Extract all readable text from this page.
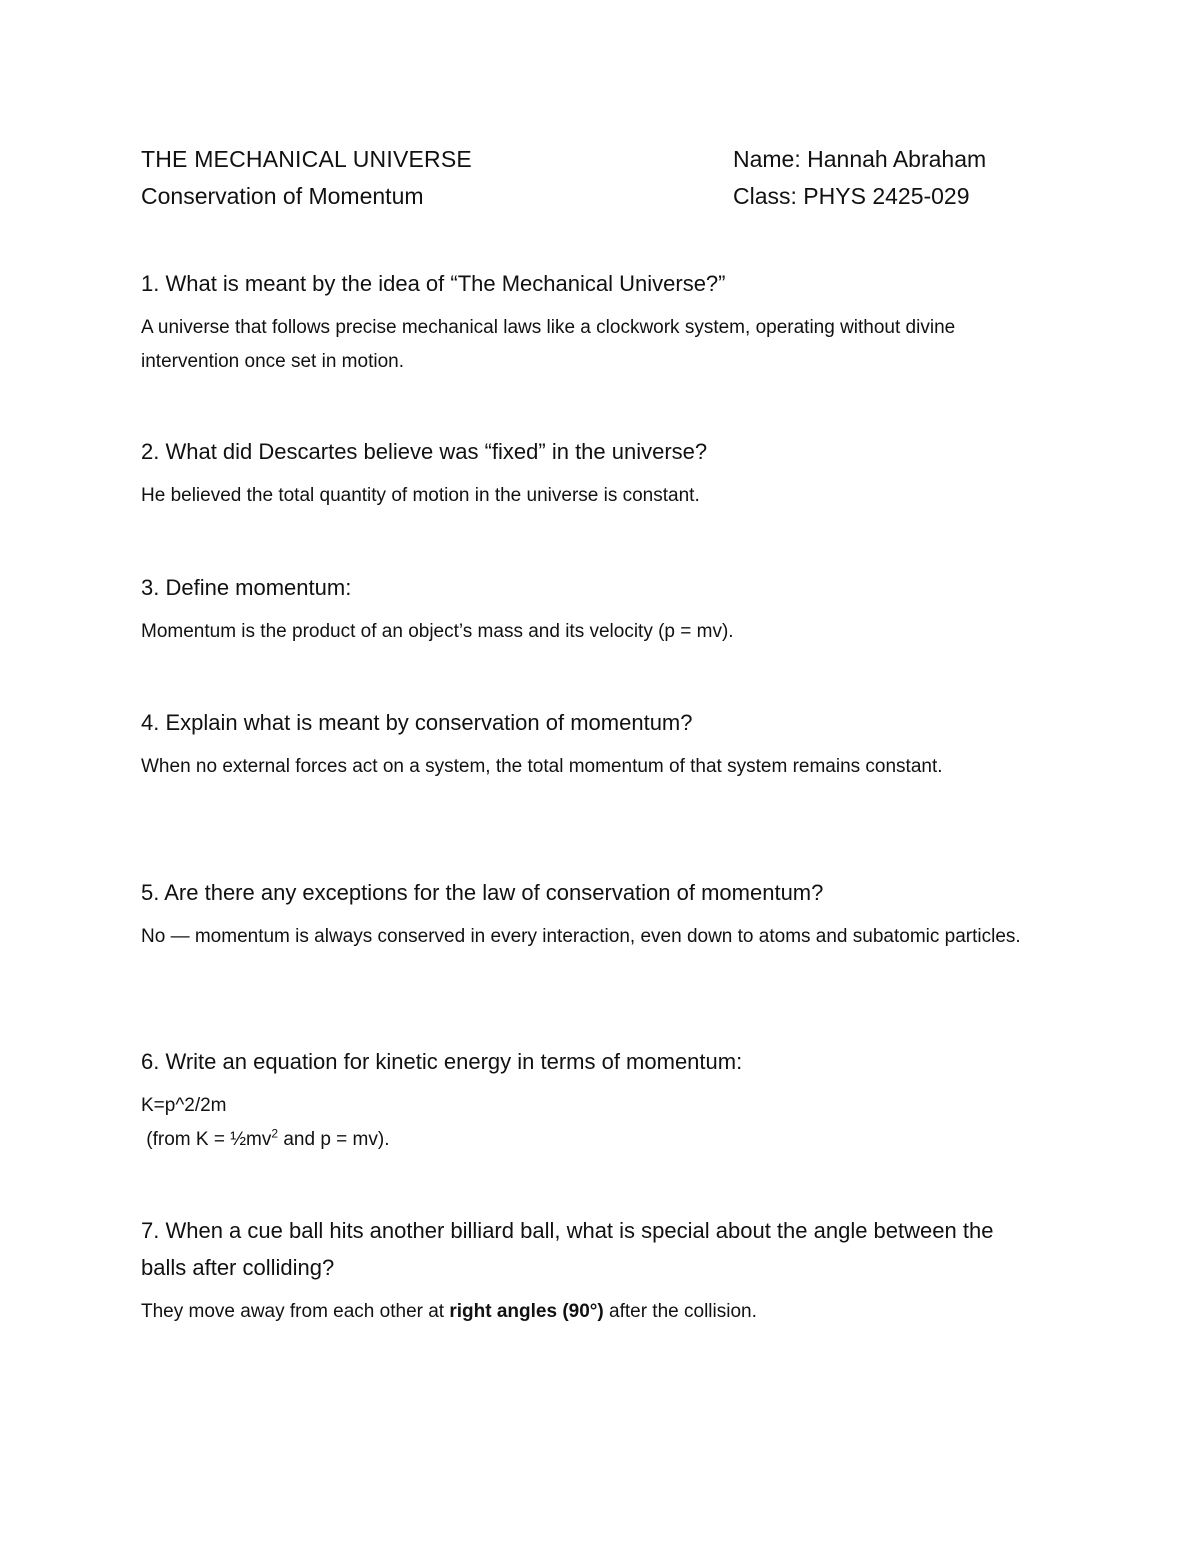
THE MECHANICAL UNIVERSE
Conservation of Momentum
Name: Hannah Abraham
Class: PHYS 2425-029

1. What is meant by the idea of “The Mechanical Universe?”

A universe that follows precise mechanical laws like a clockwork system, operating without divine intervention once set in motion.

2. What did Descartes believe was “fixed” in the universe?

He believed the total quantity of motion in the universe is constant.

3. Define momentum:

Momentum is the product of an object’s mass and its velocity (p = mv).

4. Explain what is meant by conservation of momentum?

When no external forces act on a system, the total momentum of that system remains constant.

5. Are there any exceptions for the law of conservation of momentum?

No — momentum is always conserved in every interaction, even down to atoms and subatomic particles.

6. Write an equation for kinetic energy in terms of momentum:

K=p^2/2m
(from $K = \frac{1}{2}mv^2$ and p = mv).

7. When a cue ball hits another billiard ball, what is special about the angle between the balls after colliding?

They move away from each other at right angles (90°) after the collision.
